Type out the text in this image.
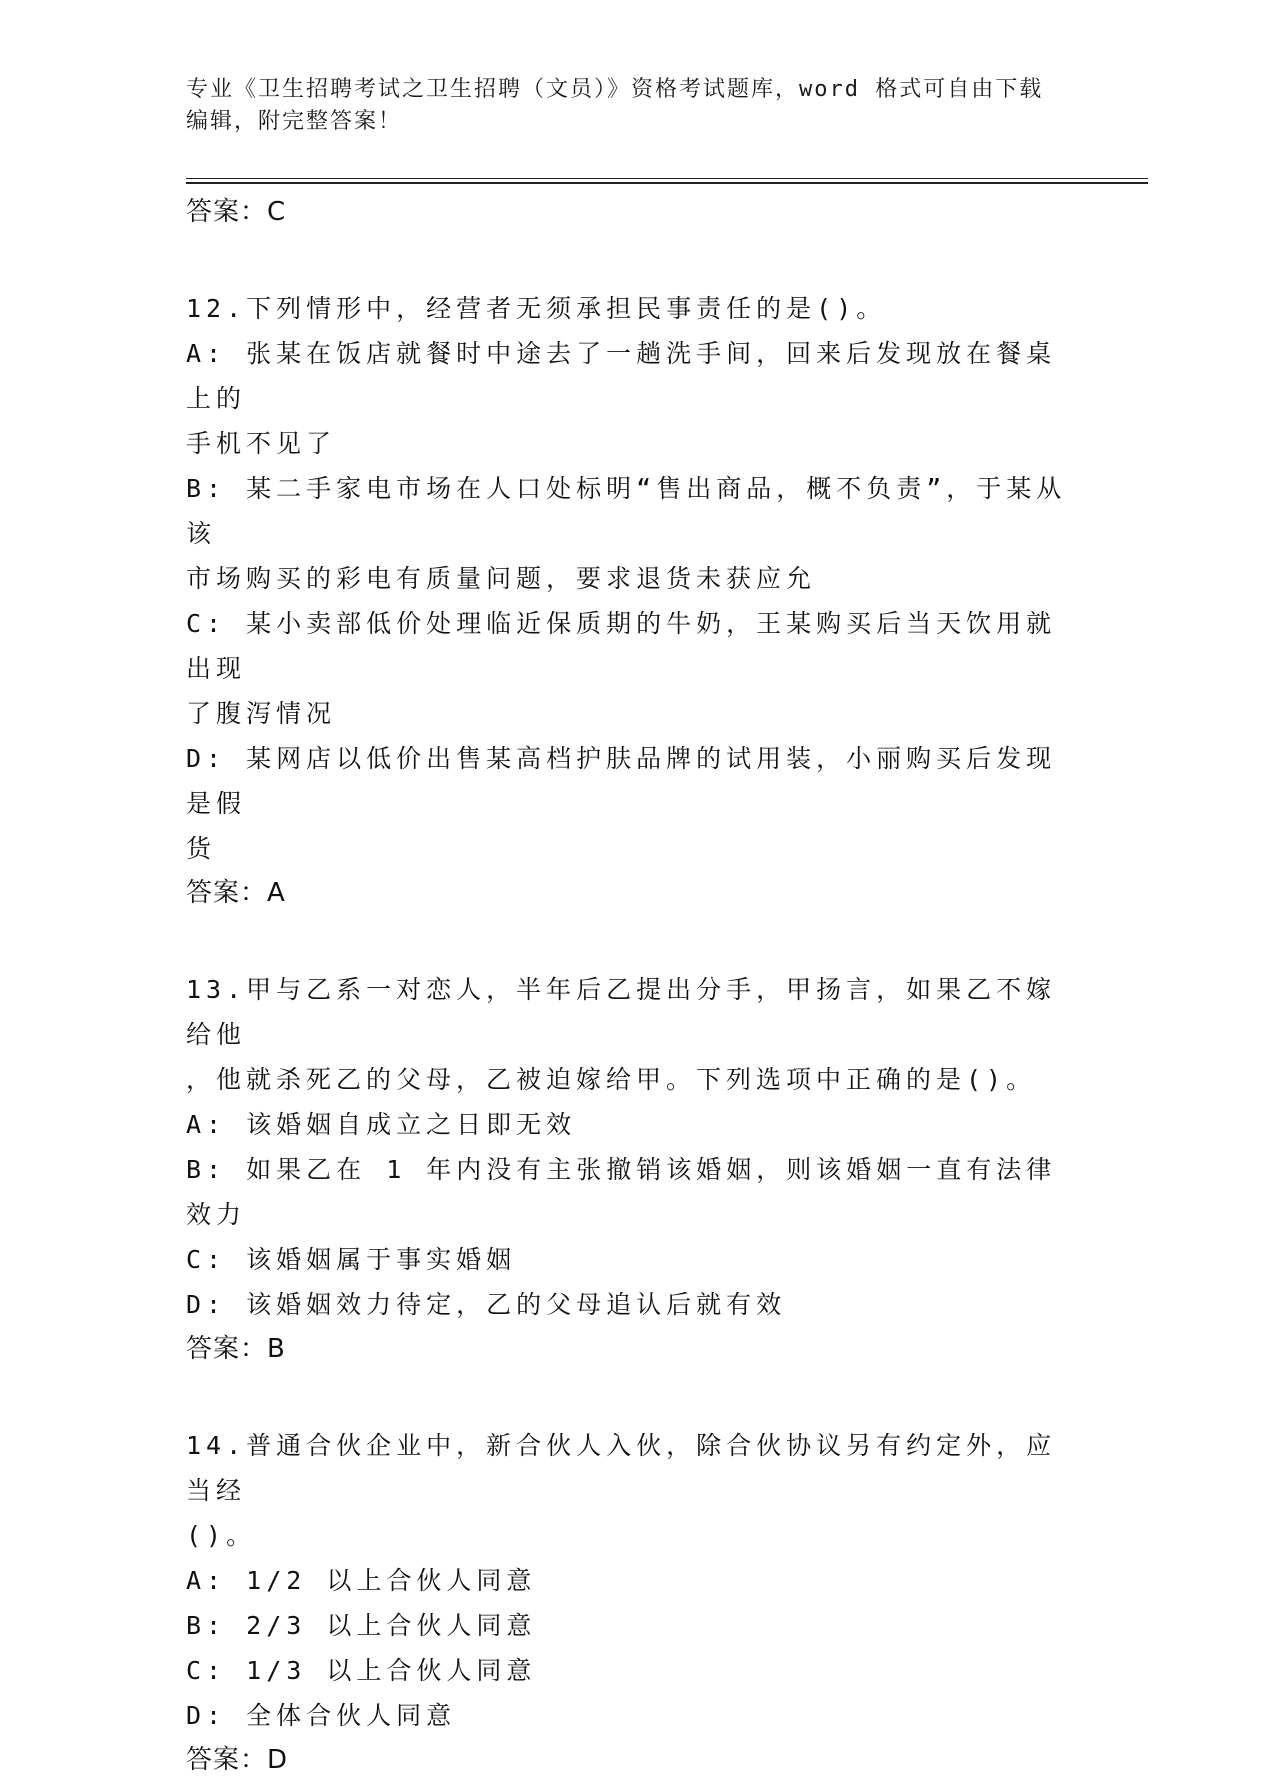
专业《卫生招聘考试之卫生招聘（文员）》资格考试题库，word 格式可自由下载
编辑，附完整答案！
答案：C
12.下列情形中，经营者无须承担民事责任的是()。
A: 张某在饭店就餐时中途去了一趟洗手间，回来后发现放在餐桌上的
手机不见了
B: 某二手家电市场在人口处标明“售出商品，概不负责”，于某从该
市场购买的彩电有质量问题，要求退货未获应允
C: 某小卖部低价处理临近保质期的牛奶，王某购买后当天饮用就出现
了腹泻情况
D: 某网店以低价出售某高档护肤品牌的试用装，小丽购买后发现是假
货
答案：A
13.甲与乙系一对恋人，半年后乙提出分手，甲扬言，如果乙不嫁给他
，他就杀死乙的父母，乙被迫嫁给甲。下列选项中正确的是()。
A: 该婚姻自成立之日即无效
B: 如果乙在 1 年内没有主张撤销该婚姻，则该婚姻一直有法律效力
C: 该婚姻属于事实婚姻
D: 该婚姻效力待定，乙的父母追认后就有效
答案：B
14.普通合伙企业中，新合伙人入伙，除合伙协议另有约定外，应当经
()。
A: 1/2 以上合伙人同意
B: 2/3 以上合伙人同意
C: 1/3 以上合伙人同意
D: 全体合伙人同意
答案：D
